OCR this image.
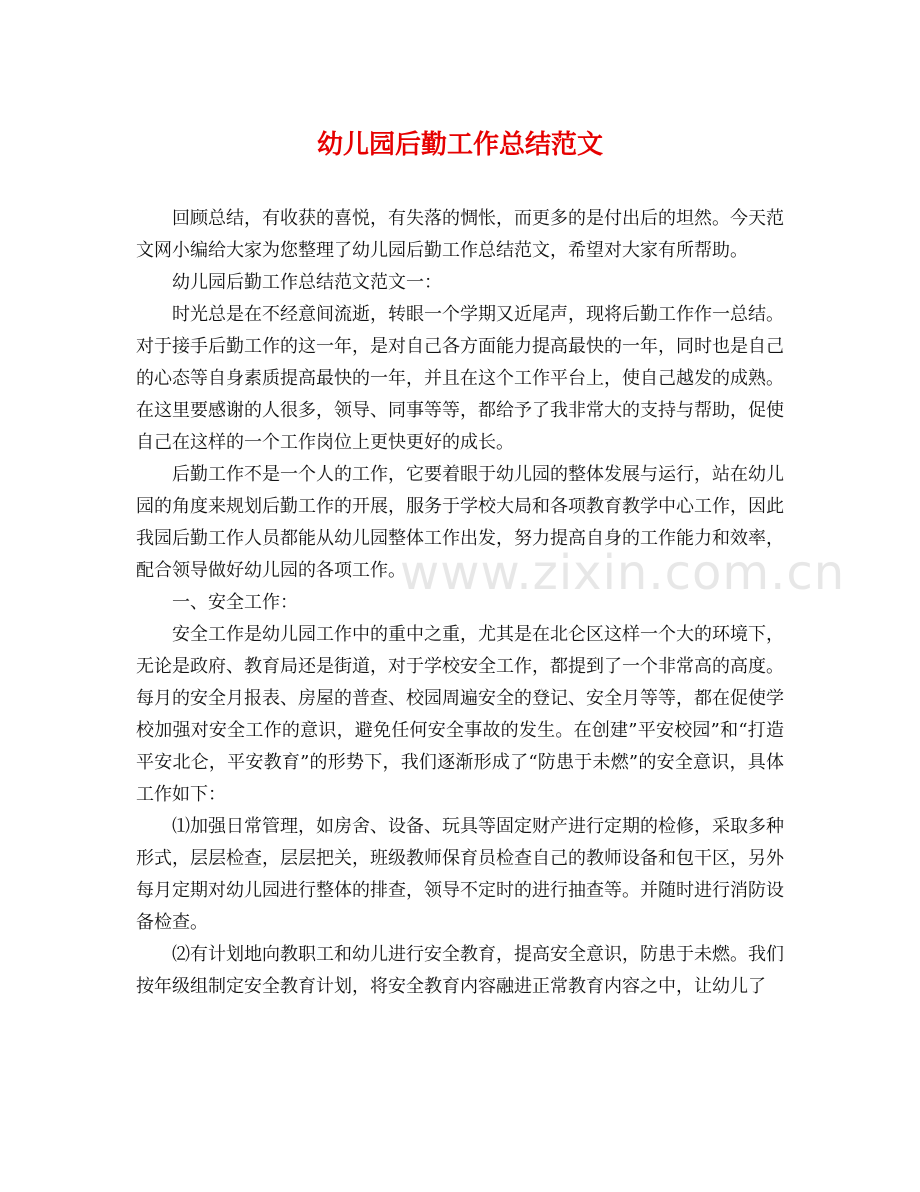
幼儿园后勤工作总结范文
www.zixin.com.cn

回顾总结，有收获的喜悦，有失落的惆怅，而更多的是付出后的坦然。今天范文网小编给大家为您整理了幼儿园后勤工作总结范文，希望对大家有所帮助。

幼儿园后勤工作总结范文范文一：

时光总是在不经意间流逝，转眼一个学期又近尾声，现将后勤工作作一总结。对于接手后勤工作的这一年，是对自己各方面能力提高最快的一年，同时也是自己的心态等自身素质提高最快的一年，并且在这个工作平台上，使自己越发的成熟。在这里要感谢的人很多，领导、同事等等，都给予了我非常大的支持与帮助，促使自己在这样的一个工作岗位上更快更好的成长。

后勤工作不是一个人的工作，它要着眼于幼儿园的整体发展与运行，站在幼儿园的角度来规划后勤工作的开展，服务于学校大局和各项教育教学中心工作，因此我园后勤工作人员都能从幼儿园整体工作出发，努力提高自身的工作能力和效率，配合领导做好幼儿园的各项工作。

一、安全工作：

安全工作是幼儿园工作中的重中之重，尤其是在北仑区这样一个大的环境下，无论是政府、教育局还是街道，对于学校安全工作，都提到了一个非常高的高度。每月的安全月报表、房屋的普查、校园周遍安全的登记、安全月等等，都在促使学校加强对安全工作的意识，避免任何安全事故的发生。在创建”平安校园”和“打造平安北仑，平安教育”的形势下，我们逐渐形成了“防患于未燃”的安全意识，具体工作如下：

⑴加强日常管理，如房舍、设备、玩具等固定财产进行定期的检修，采取多种形式，层层检查，层层把关，班级教师保育员检查自己的教师设备和包干区，另外每月定期对幼儿园进行整体的排查，领导不定时的进行抽查等。并随时进行消防设备检查。

⑵有计划地向教职工和幼儿进行安全教育，提高安全意识，防患于未燃。我们按年级组制定安全教育计划，将安全教育内容融进正常教育内容之中，让幼儿了
